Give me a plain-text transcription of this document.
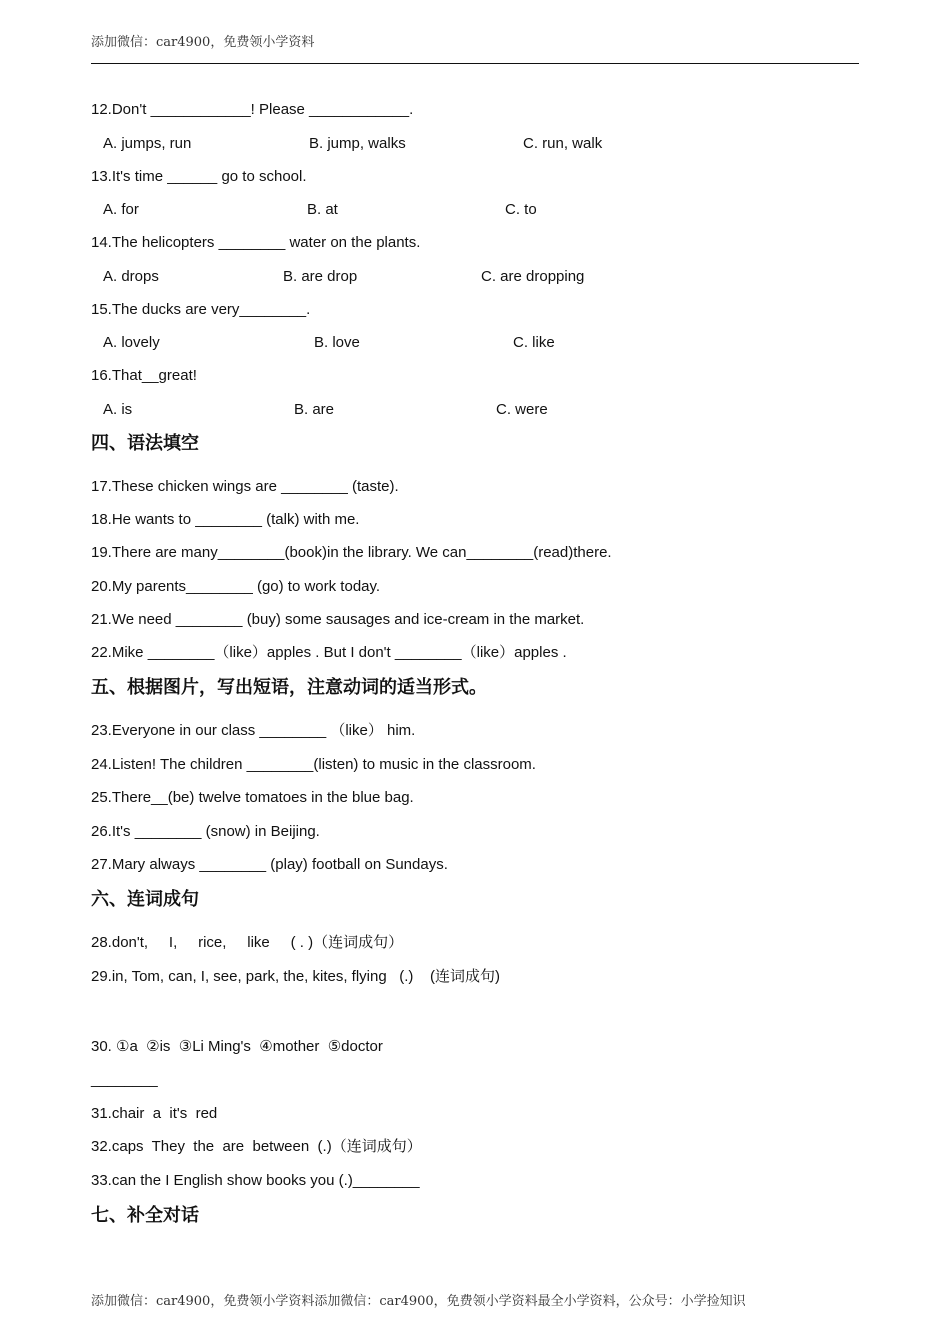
添加微信：car4900，免费领小学资料
12.Don't ____________! Please ____________.
A. jumps, run	B. jump, walks	C. run, walk
13.It's time ______ go to school.
A. for	B. at	C. to
14.The helicopters ________ water on the plants.
A. drops	B. are drop	C. are dropping
15.The ducks are very________.
A. lovely	B. love	C. like
16.That__great!
A. is	B. are	C. were
四、语法填空
17.These chicken wings are ________ (taste).
18.He wants to ________ (talk) with me.
19.There are many________(book)in the library. We can________(read)there.
20.My parents________ (go) to work today.
21.We need ________ (buy) some sausages and ice-cream in the market.
22.Mike ________（like）apples . But I don't ________（like）apples .
五、根据图片，写出短语，注意动词的适当形式。
23.Everyone in our class ________ （like） him.
24.Listen! The children ________(listen) to music in the classroom.
25.There__(be) twelve tomatoes in the blue bag.
26.It's ________ (snow) in Beijing.
27.Mary always ________ (play) football on Sundays.
六、连词成句
28.don't,     I,     rice,     like     ( . )（连词成句）
29.in, Tom, can, I, see, park, the, kites, flying   (.)    (连词成句)
30. ①a  ②is  ③Li Ming's  ④mother  ⑤doctor
________
31.chair  a  it's  red
32.caps  They  the  are  between  (.)（连词成句）
33.can the I English show books you (.)________
七、补全对话
添加微信：car4900，免费领小学资料添加微信：car4900，免费领小学资料最全小学资料，公众号：小学捡知识
